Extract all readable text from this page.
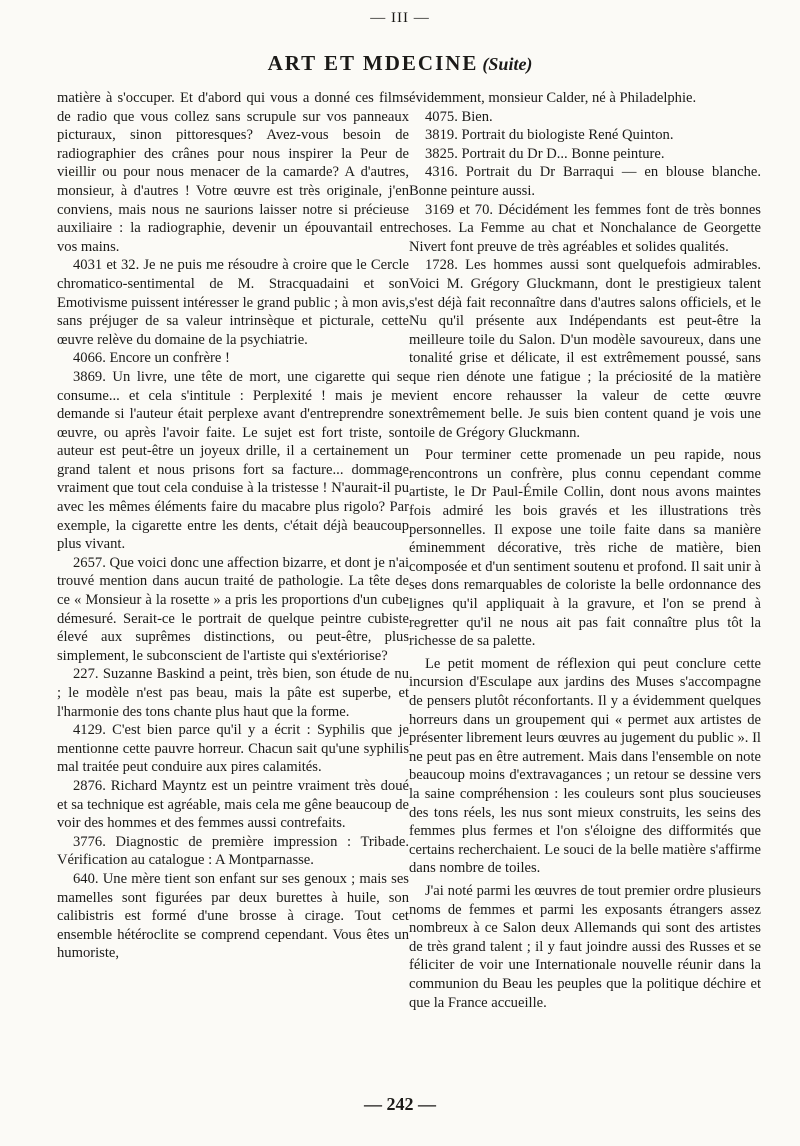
— III —
ART ET MDECINE (Suite)

matière à s'occuper. Et d'abord qui vous a donné ces films de radio que vous collez sans scrupule sur vos panneaux picturaux, sinon pittoresques? Avez-vous besoin de radiographier des crânes pour nous inspirer la Peur de vieillir ou pour nous menacer de la camarde? A d'autres, monsieur, à d'autres ! Votre œuvre est très originale, j'en conviens, mais nous ne saurions laisser notre si précieuse auxiliaire : la radiographie, devenir un épouvantail entre vos mains.

4031 et 32. Je ne puis me résoudre à croire que le Cercle chromatico-sentimental de M. Stracquadaini et son Emotivisme puissent intéresser le grand public ; à mon avis, sans préjuger de sa valeur intrinsèque et picturale, cette œuvre relève du domaine de la psychiatrie.

4066. Encore un confrère !

3869. Un livre, une tête de mort, une cigarette qui se consume... et cela s'intitule : Perplexité ! mais je me demande si l'auteur était perplexe avant d'entreprendre son œuvre, ou après l'avoir faite. Le sujet est fort triste, son auteur est peut-être un joyeux drille, il a certainement un grand talent et nous prisons fort sa facture... dommage vraiment que tout cela conduise à la tristesse ! N'aurait-il pu avec les mêmes éléments faire du macabre plus rigolo? Par exemple, la cigarette entre les dents, c'était déjà beaucoup plus vivant.

2657. Que voici donc une affection bizarre, et dont je n'ai trouvé mention dans aucun traité de pathologie. La tête de ce « Monsieur à la rosette » a pris les proportions d'un cube démesuré. Serait-ce le portrait de quelque peintre cubiste élevé aux suprêmes distinctions, ou peut-être, plus simplement, le subconscient de l'artiste qui s'extériorise?

227. Suzanne Baskind a peint, très bien, son étude de nu ; le modèle n'est pas beau, mais la pâte est superbe, et l'harmonie des tons chante plus haut que la forme.

4129. C'est bien parce qu'il y a écrit : Syphilis que je mentionne cette pauvre horreur. Chacun sait qu'une syphilis mal traitée peut conduire aux pires calamités.

2876. Richard Mayntz est un peintre vraiment très doué et sa technique est agréable, mais cela me gêne beaucoup de voir des hommes et des femmes aussi contrefaits.

3776. Diagnostic de première impression : Tribade. Vérification au catalogue : A Montparnasse.

640. Une mère tient son enfant sur ses genoux ; mais ses mamelles sont figurées par deux burettes à huile, son calibistris est formé d'une brosse à cirage. Tout cet ensemble hétéroclite se comprend cependant. Vous êtes un humoriste,

évidemment, monsieur Calder, né à Philadelphie.

4075. Bien.

3819. Portrait du biologiste René Quinton.

3825. Portrait du Dr D... Bonne peinture.

4316. Portrait du Dr Barraqui — en blouse blanche. Bonne peinture aussi.

3169 et 70. Décidément les femmes font de très bonnes choses. La Femme au chat et Nonchalance de Georgette Nivert font preuve de très agréables et solides qualités.

1728. Les hommes aussi sont quelquefois admirables. Voici M. Grégory Gluckmann, dont le prestigieux talent s'est déjà fait reconnaître dans d'autres salons officiels, et le Nu qu'il présente aux Indépendants est peut-être la meilleure toile du Salon. D'un modèle savoureux, dans une tonalité grise et délicate, il est extrêmement poussé, sans que rien dénote une fatigue ; la préciosité de la matière vient encore rehausser la valeur de cette œuvre extrêmement belle. Je suis bien content quand je vois une toile de Grégory Gluckmann.

Pour terminer cette promenade un peu rapide, nous rencontrons un confrère, plus connu cependant comme artiste, le Dr Paul-Émile Collin, dont nous avons maintes fois admiré les bois gravés et les illustrations très personnelles. Il expose une toile faite dans sa manière éminemment décorative, très riche de matière, bien composée et d'un sentiment soutenu et profond. Il sait unir à ses dons remarquables de coloriste la belle ordonnance des lignes qu'il appliquait à la gravure, et l'on se prend à regretter qu'il ne nous ait pas fait connaître plus tôt la richesse de sa palette.

Le petit moment de réflexion qui peut conclure cette incursion d'Esculape aux jardins des Muses s'accompagne de pensers plutôt réconfortants. Il y a évidemment quelques horreurs dans un groupement qui « permet aux artistes de présenter librement leurs œuvres au jugement du public ». Il ne peut pas en être autrement. Mais dans l'ensemble on note beaucoup moins d'extravagances ; un retour se dessine vers la saine compréhension : les couleurs sont plus soucieuses des tons réels, les nus sont mieux construits, les seins des femmes plus fermes et l'on s'éloigne des difformités que certains recherchaient. Le souci de la belle matière s'affirme dans nombre de toiles.

J'ai noté parmi les œuvres de tout premier ordre plusieurs noms de femmes et parmi les exposants étrangers assez nombreux à ce Salon deux Allemands qui sont des artistes de très grand talent ; il y faut joindre aussi des Russes et se féliciter de voir une Internationale nouvelle réunir dans la communion du Beau les peuples que la politique déchire et que la France accueille.

— 242 —
